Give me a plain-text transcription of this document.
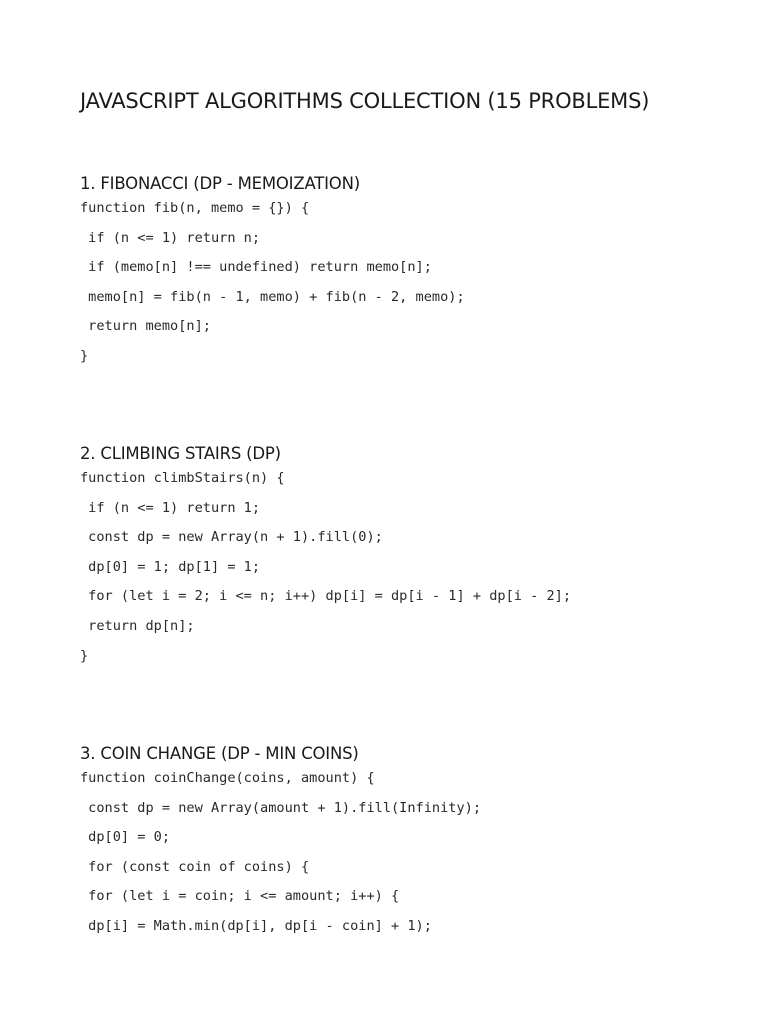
JAVASCRIPT ALGORITHMS COLLECTION (15 PROBLEMS)
1. FIBONACCI (DP - MEMOIZATION)
function fib(n, memo = {}) {
if (n <= 1) return n;
if (memo[n] !== undefined) return memo[n];
memo[n] = fib(n - 1, memo) + fib(n - 2, memo);
return memo[n];
}
2. CLIMBING STAIRS (DP)
function climbStairs(n) {
if (n <= 1) return 1;
const dp = new Array(n + 1).fill(0);
dp[0] = 1; dp[1] = 1;
for (let i = 2; i <= n; i++) dp[i] = dp[i - 1] + dp[i - 2];
return dp[n];
}
3. COIN CHANGE (DP - MIN COINS)
function coinChange(coins, amount) {
const dp = new Array(amount + 1).fill(Infinity);
dp[0] = 0;
for (const coin of coins) {
for (let i = coin; i <= amount; i++) {
dp[i] = Math.min(dp[i], dp[i - coin] + 1);
